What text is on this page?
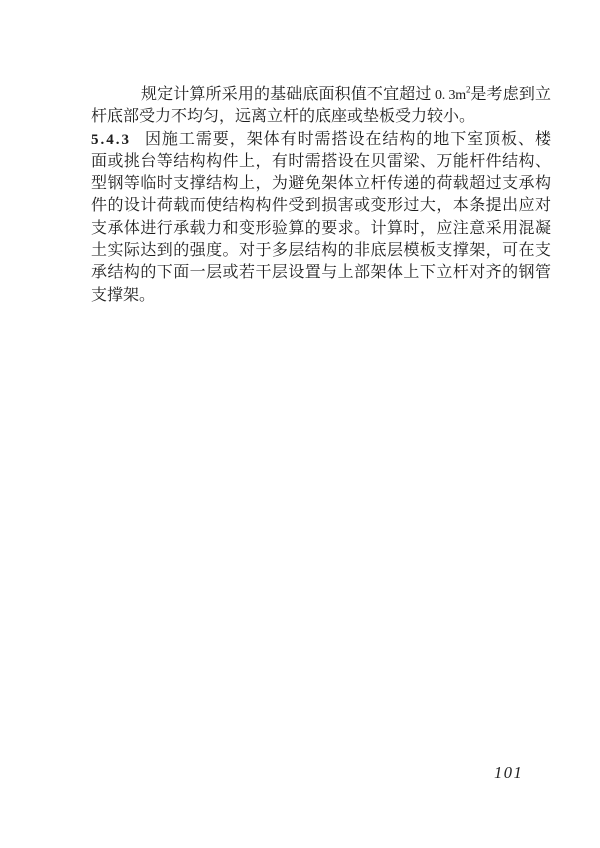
规定计算所采用的基础底面积值不宜超过 0. $3m^2$是考虑到立
杆底部受力不均匀，远离立杆的底座或垫板受力较小。
5.4.3 因施工需要，架体有时需搭设在结构的地下室顶板、楼
面或挑台等结构构件上，有时需搭设在贝雷梁、万能杆件结构、
型钢等临时支撑结构上，为避免架体立杆传递的荷载超过支承构
件的设计荷载而使结构构件受到损害或变形过大，本条提出应对
支承体进行承载力和变形验算的要求。计算时，应注意采用混凝
土实际达到的强度。对于多层结构的非底层模板支撑架，可在支
承结构的下面一层或若干层设置与上部架体上下立杆对齐的钢管
支撑架。
101
